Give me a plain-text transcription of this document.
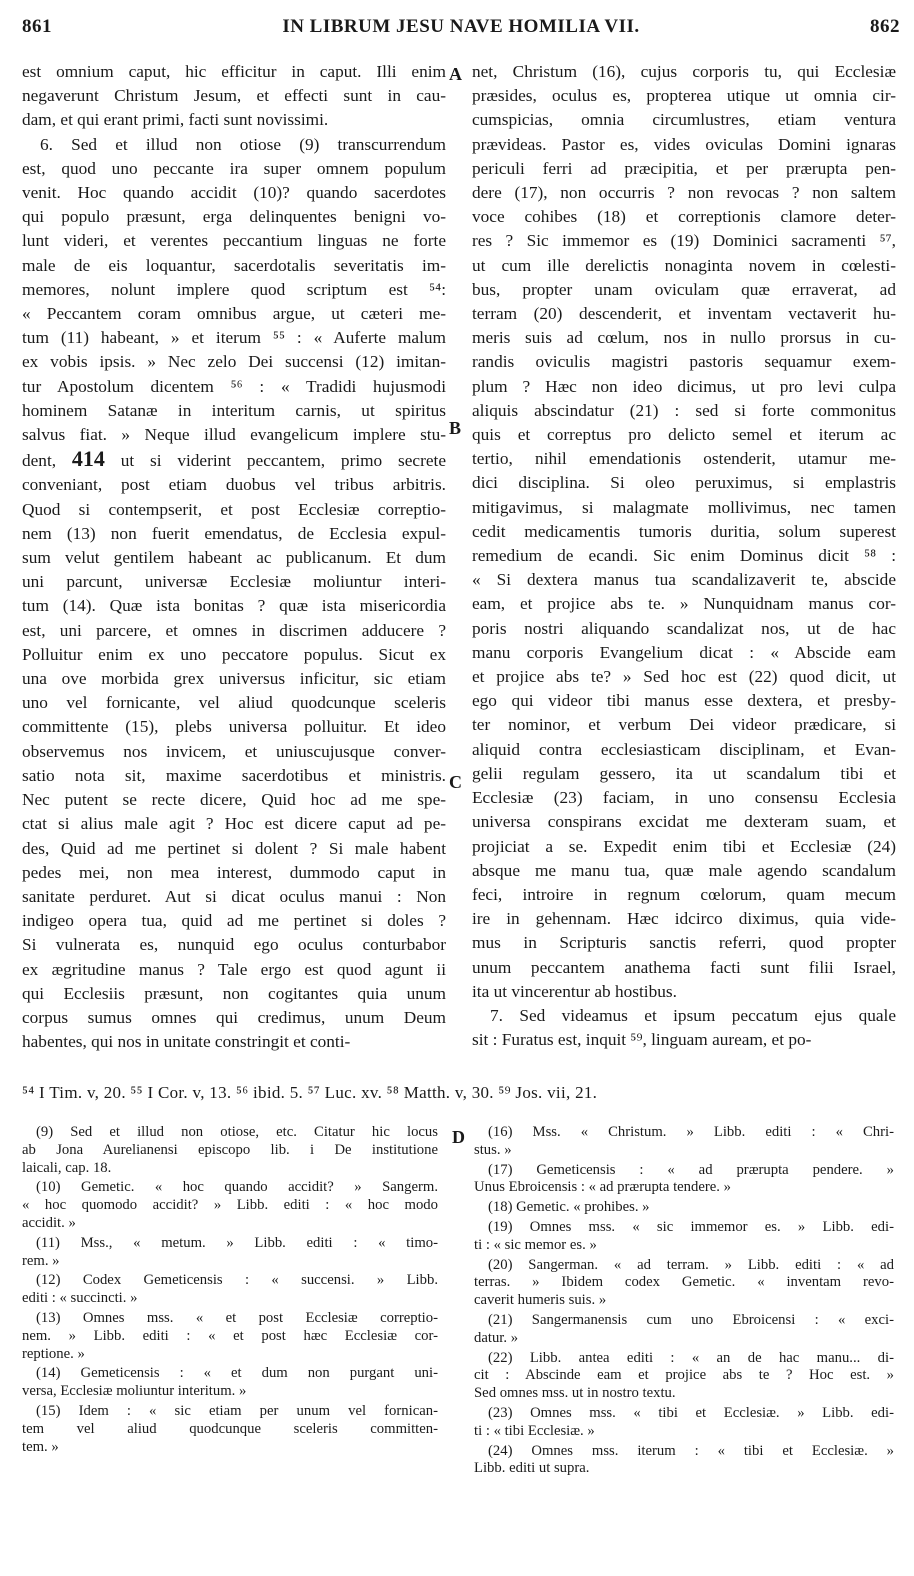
861	IN LIBRUM JESU NAVE HOMILIA VII.	862
est omnium caput, hic efficitur in caput. Illi enim
negaverunt Christum Jesum, et effecti sunt in cau-
dam, et qui erant primi, facti sunt novissimi.
6. Sed et illud non otiose (9) transcurrendum
est, quod uno peccante ira super omnem populum
venit. Hoc quando accidit (10)? quando sacerdotes
qui populo præsunt, erga delinquentes benigni vo-
lunt videri, et verentes peccantium linguas ne forte
male de eis loquantur, sacerdotalis severitatis im-
memores, nolunt implere quod scriptum est ⁵⁴:
« Peccantem coram omnibus argue, ut cæteri me-
tum (11) habeant, » et iterum ⁵⁵ : « Auferte malum
ex vobis ipsis. » Nec zelo Dei succensi (12) imitan-
tur Apostolum dicentem ⁵⁶ : « Tradidi hujusmodi
hominem Satanæ in interitum carnis, ut spiritus
salvus fiat. » Neque illud evangelicum implere stu-
dent, 414 ut si viderint peccantem, primo secrete
conveniant, post etiam duobus vel tribus arbitris.
Quod si contempserit, et post Ecclesiæ correptio-
nem (13) non fuerit emendatus, de Ecclesia expul-
sum velut gentilem habeant ac publicanum. Et dum
uni parcunt, universæ Ecclesiæ moliuntur interi-
tum (14). Quæ ista bonitas ? quæ ista misericordia
est, uni parcere, et omnes in discrimen adducere ?
Polluitur enim ex uno peccatore populus. Sicut ex
una ove morbida grex universus inficitur, sic etiam
uno vel fornicante, vel aliud quodcunque sceleris
committente (15), plebs universa polluitur. Et ideo
observemus nos invicem, et uniuscujusque conver-
satio nota sit, maxime sacerdotibus et ministris.
Nec putent se recte dicere, Quid hoc ad me spe-
ctat si alius male agit ? Hoc est dicere caput ad pe-
des, Quid ad me pertinet si dolent ? Si male habent
pedes mei, non mea interest, dummodo caput in
sanitate perduret. Aut si dicat oculus manui : Non
indigeo opera tua, quid ad me pertinet si doles ?
Si vulnerata es, nunquid ego oculus conturbabor
ex ægritudine manus ? Tale ergo est quod agunt ii
qui Ecclesiis præsunt, non cogitantes quia unum
corpus sumus omnes qui credimus, unum Deum
habentes, qui nos in unitate constringit et conti-
net, Christum (16), cujus corporis tu, qui Ecclesiæ
præsides, oculus es, propterea utique ut omnia cir-
cumspicias, omnia circumlustres, etiam ventura
prævideas. Pastor es, vides oviculas Domini ignaras
periculi ferri ad præcipitia, et per prærupta pen-
dere (17), non occurris ? non revocas ? non saltem
voce cohibes (18) et correptionis clamore deter-
res ? Sic immemor es (19) Dominici sacramenti ⁵⁷,
ut cum ille derelictis nonaginta novem in cœlesti-
bus, propter unam oviculam quæ erraverat, ad
terram (20) descenderit, et inventam vectaverit hu-
meris suis ad cœlum, nos in nullo prorsus in cu-
randis oviculis magistri pastoris sequamur exem-
plum ? Hæc non ideo dicimus, ut pro levi culpa
aliquis abscindatur (21) : sed si forte commonitus
quis et correptus pro delicto semel et iterum ac
tertio, nihil emendationis ostenderit, utamur me-
dici disciplina. Si oleo peruximus, si emplastris
mitigavimus, si malagmate mollivimus, nec tamen
cedit medicamentis tumoris duritia, solum superest
remedium de ecandi. Sic enim Dominus dicit ⁵⁸ :
« Si dextera manus tua scandalizaverit te, abscide
eam, et projice abs te. » Nunquidnam manus cor-
poris nostri aliquando scandalizat nos, ut de hac
manu corporis Evangelium dicat : « Abscide eam
et projice abs te? » Sed hoc est (22) quod dicit, ut
ego qui videor tibi manus esse dextera, et presby-
ter nominor, et verbum Dei videor prædicare, si
aliquid contra ecclesiasticam disciplinam, et Evan-
gelii regulam gessero, ita ut scandalum tibi et
Ecclesiæ (23) faciam, in uno consensu Ecclesia
universa conspirans excidat me dexteram suam, et
projiciat a se. Expedit enim tibi et Ecclesiæ (24)
absque me manu tua, quæ male agendo scandalum
feci, introire in regnum cœlorum, quam mecum
ire in gehennam. Hæc idcirco diximus, quia vide-
mus in Scripturis sanctis referri, quod propter
unum peccantem anathema facti sunt filii Israel,
ita ut vincerentur ab hostibus.
7. Sed videamus et ipsum peccatum ejus quale
sit : Furatus est, inquit ⁵⁹, linguam auream, et po-
A
B
C
D
⁵⁴ I Tim. v, 20. ⁵⁵ I Cor. v, 13. ⁵⁶ ibid. 5. ⁵⁷ Luc. xv. ⁵⁸ Matth. v, 30. ⁵⁹ Jos. vii, 21.
(9) Sed et illud non otiose, etc. Citatur hic locus
ab Jona Aurelianensi episcopo lib. i De institutione
laicali, cap. 18.
(10) Gemetic. « hoc quando accidit? » Sangerm.
« hoc quomodo accidit? » Libb. editi : « hoc modo
accidit. »
(11) Mss., « metum. » Libb. editi : « timo-
rem. »
(12) Codex Gemeticensis : « succensi. » Libb.
editi : « succincti. »
(13) Omnes mss. « et post Ecclesiæ correptio-
nem. » Libb. editi : « et post hæc Ecclesiæ cor-
reptione. »
(14) Gemeticensis : « et dum non purgant uni-
versa, Ecclesiæ moliuntur interitum. »
(15) Idem : « sic etiam per unum vel fornican-
tem vel aliud quodcunque sceleris committen-
tem. »
(16) Mss. « Christum. » Libb. editi : « Chri-
stus. »
(17) Gemeticensis : « ad prærupta pendere. »
Unus Ebroicensis : « ad prærupta tendere. »
(18) Gemetic. « prohibes. »
(19) Omnes mss. « sic immemor es. » Libb. edi-
ti : « sic memor es. »
(20) Sangerman. « ad terram. » Libb. editi : « ad
terras. » Ibidem codex Gemetic. « inventam revo-
caverit humeris suis. »
(21) Sangermanensis cum uno Ebroicensi : « exci-
datur. »
(22) Libb. antea editi : « an de hac manu... di-
cit : Abscinde eam et projice abs te ? Hoc est. »
Sed omnes mss. ut in nostro textu.
(23) Omnes mss. « tibi et Ecclesiæ. » Libb. edi-
ti : « tibi Ecclesiæ. »
(24) Omnes mss. iterum : « tibi et Ecclesiæ. »
Libb. editi ut supra.
